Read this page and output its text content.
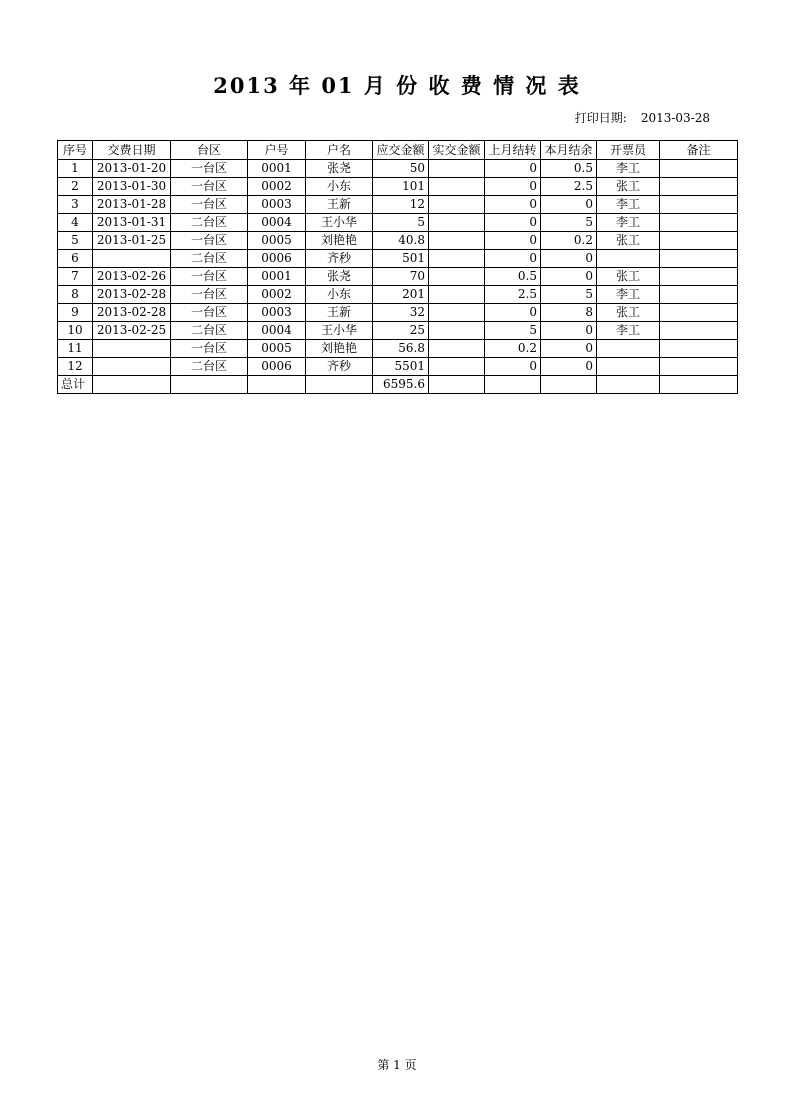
2013 年 01 月 份 收 费 情 况 表
打印日期: 2013-03-28
序号	交费日期	台区	户号	户名	应交金额	实交金额	上月结转	本月结余	开票员	备注
1	2013-01-20	一台区	0001	张尧	50		0	0.5	李工	
2	2013-01-30	一台区	0002	小东	101		0	2.5	张工	
3	2013-01-28	一台区	0003	王新	12		0	0	李工	
4	2013-01-31	二台区	0004	王小华	5		0	5	李工	
5	2013-01-25	一台区	0005	刘艳艳	40.8		0	0.2	张工	
6		二台区	0006	齐秒	501		0	0		
7	2013-02-26	一台区	0001	张尧	70		0.5	0	张工	
8	2013-02-28	一台区	0002	小东	201		2.5	5	李工	
9	2013-02-28	一台区	0003	王新	32		0	8	张工	
10	2013-02-25	二台区	0004	王小华	25		5	0	李工	
11		一台区	0005	刘艳艳	56.8		0.2	0		
12		二台区	0006	齐秒	5501		0	0		
总计					6595.6					
第 1 页
